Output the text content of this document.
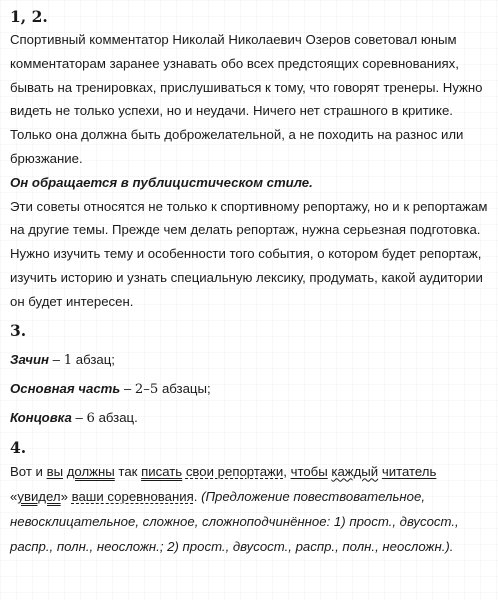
1, 2.

Спортивный комментатор Николай Николаевич Озеров советовал юным комментаторам заранее узнавать обо всех предстоящих соревнованиях, бывать на тренировках, прислушиваться к тому, что говорят тренеры. Нужно видеть не только успехи, но и неудачи. Ничего нет страшного в критике. Только она должна быть доброжелательной, а не походить на разнос или брюзжание.

Он обращается в публицистическом стиле.

Эти советы относятся не только к спортивному репортажу, но и к репортажам на другие темы. Прежде чем делать репортаж, нужна серьезная подготовка. Нужно изучить тему и особенности того события, о котором будет репортаж, изучить историю и узнать специальную лексику, продумать, какой аудитории он будет интересен.

3.

Зачин – 1 абзац;

Основная часть – 2–5 абзацы;

Концовка – 6 абзац.

4.

Вот и вы должны так писать свои репортажи, чтобы каждый читатель
«увидел» ваши соревнования. (Предложение повествовательное, невосклицательное, сложное, сложноподчинённое: 1) прост., двусост., распр., полн., неосложн.; 2) прост., двусост., распр., полн., неосложн.).
